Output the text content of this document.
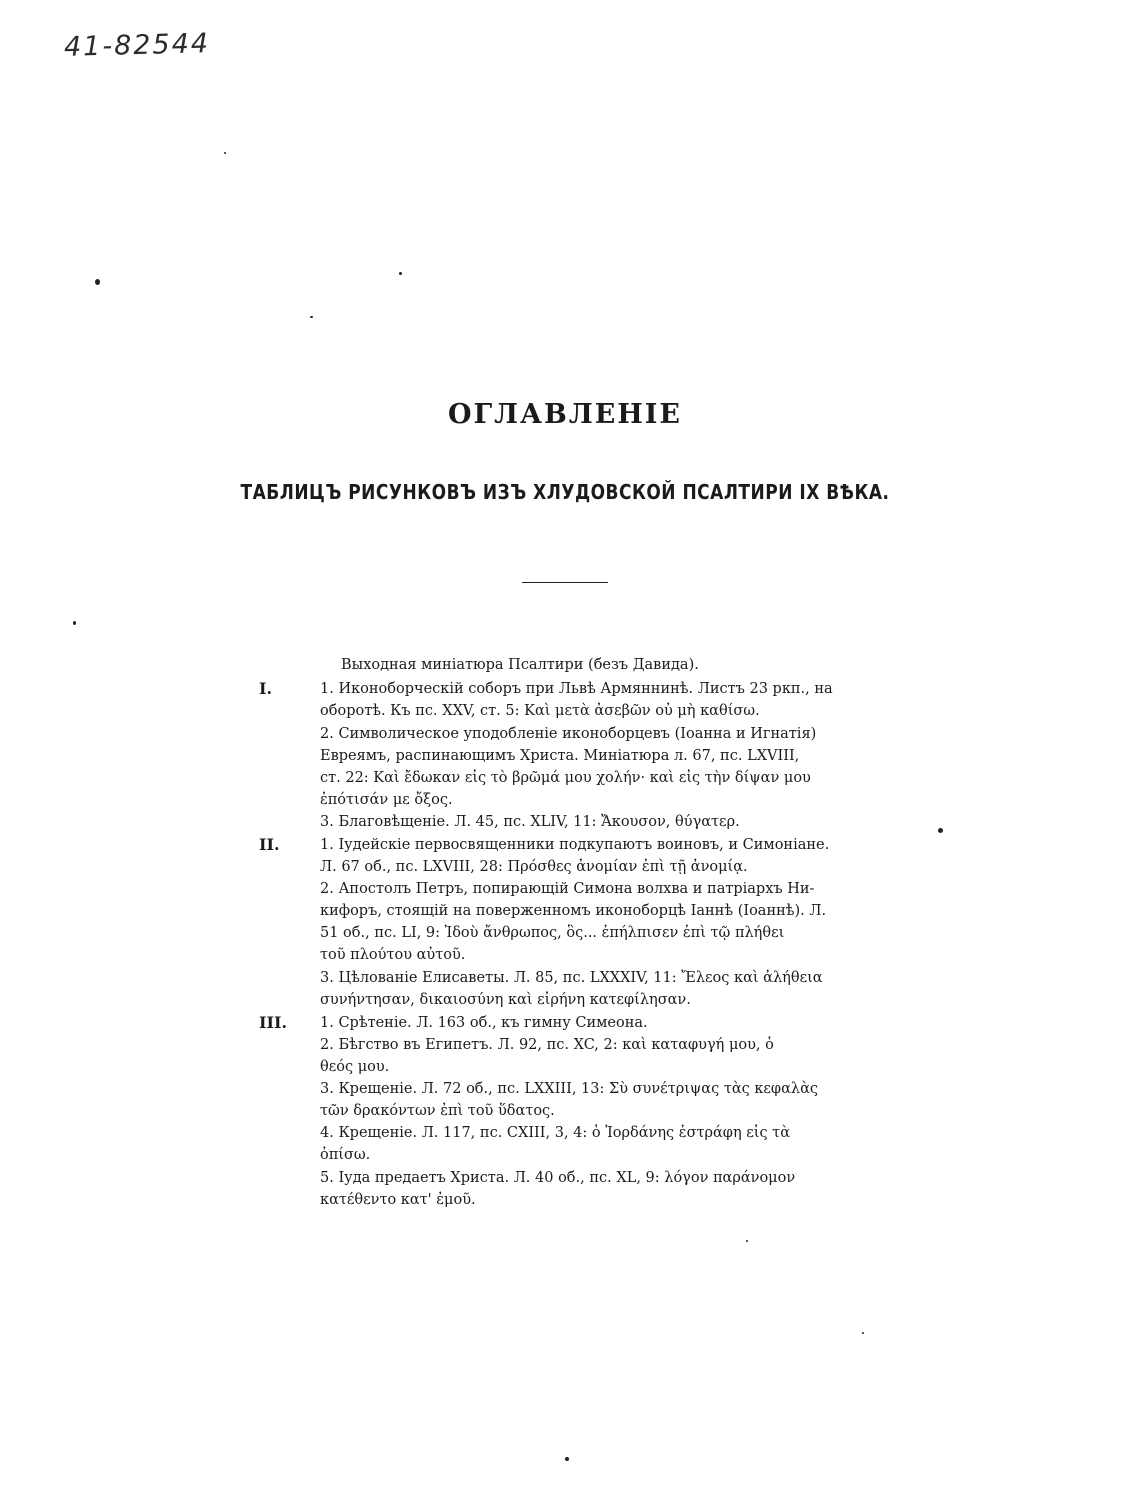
41-82544
ОГЛАВЛЕНІЕ
ТАБЛИЦЪ РИСУНКОВЪ ИЗЪ ХЛУДОВСКОЙ ПСАЛТИРИ IX ВѢКА.
Выходная миніатюра Псалтири (безъ Давида).
I.	1. Иконоборческій соборъ при Львѣ Армяннинѣ. Листъ 23 ркп., на
оборотѣ. Къ пс. XXV, ст. 5: Καὶ μετὰ ἀσεβῶν οὐ μὴ καθίσω.
2. Символическое уподобленіе иконоборцевъ (Іоанна и Игнатія)
Евреямъ, распинающимъ Христа. Миніатюра л. 67, пс. LXVIII,
ст. 22: Καὶ ἔδωκαν εἰς τὸ βρῶμά μου χολήν· καὶ εἰς τὴν δίψαν μου
ἐπότισάν με ὄξος.
3. Благовѣщеніе. Л. 45, пс. XLIV, 11: Ἄκουσον, θύγατερ.
II.	1. Іудейскіе первосвященники подкупаютъ воиновъ, и Симоніане.
Л. 67 об., пс. LXVIII, 28: Πρόσθες ἀνομίαν ἐπὶ τῇ ἀνομίᾳ.
2. Апостолъ Петръ, попирающій Симона волхва и патріархъ Ни-
кифоръ, стоящій на поверженномъ иконоборцѣ Іаннѣ (Іоаннѣ). Л.
51 об., пс. LI, 9: Ἰδοὺ ἄνθρωπος, ὃς... ἐπήλπισεν ἐπὶ τῷ πλήθει
τοῦ πλούτου αὐτοῦ.
3. Цѣлованіе Елисаветы. Л. 85, пс. LXXXIV, 11: Ἔλεος καὶ ἀλήθεια
συνήντησαν, δικαιοσύνη καὶ εἰρήνη κατεφίλησαν.
III. 1. Срѣтеніе. Л. 163 об., къ гимну Симеона.
2. Бѣгство въ Египетъ. Л. 92, пс. XC, 2: καὶ καταφυγή μου, ὁ
θεός μου.
3. Крещеніе. Л. 72 об., пс. LXXIII, 13: Σὺ συνέτριψας τὰς κεφαλὰς
τῶν δρακόντων ἐπὶ τοῦ ὕδατος.
4. Крещеніе. Л. 117, пс. CXIII, 3, 4: ὁ Ἰορδάνης ἐστράφη εἰς τὰ
ὀπίσω.
5. Іуда предаетъ Христа. Л. 40 об., пс. XL, 9: λόγον παράνομον
κατέθεντο κατ' ἐμοῦ.
